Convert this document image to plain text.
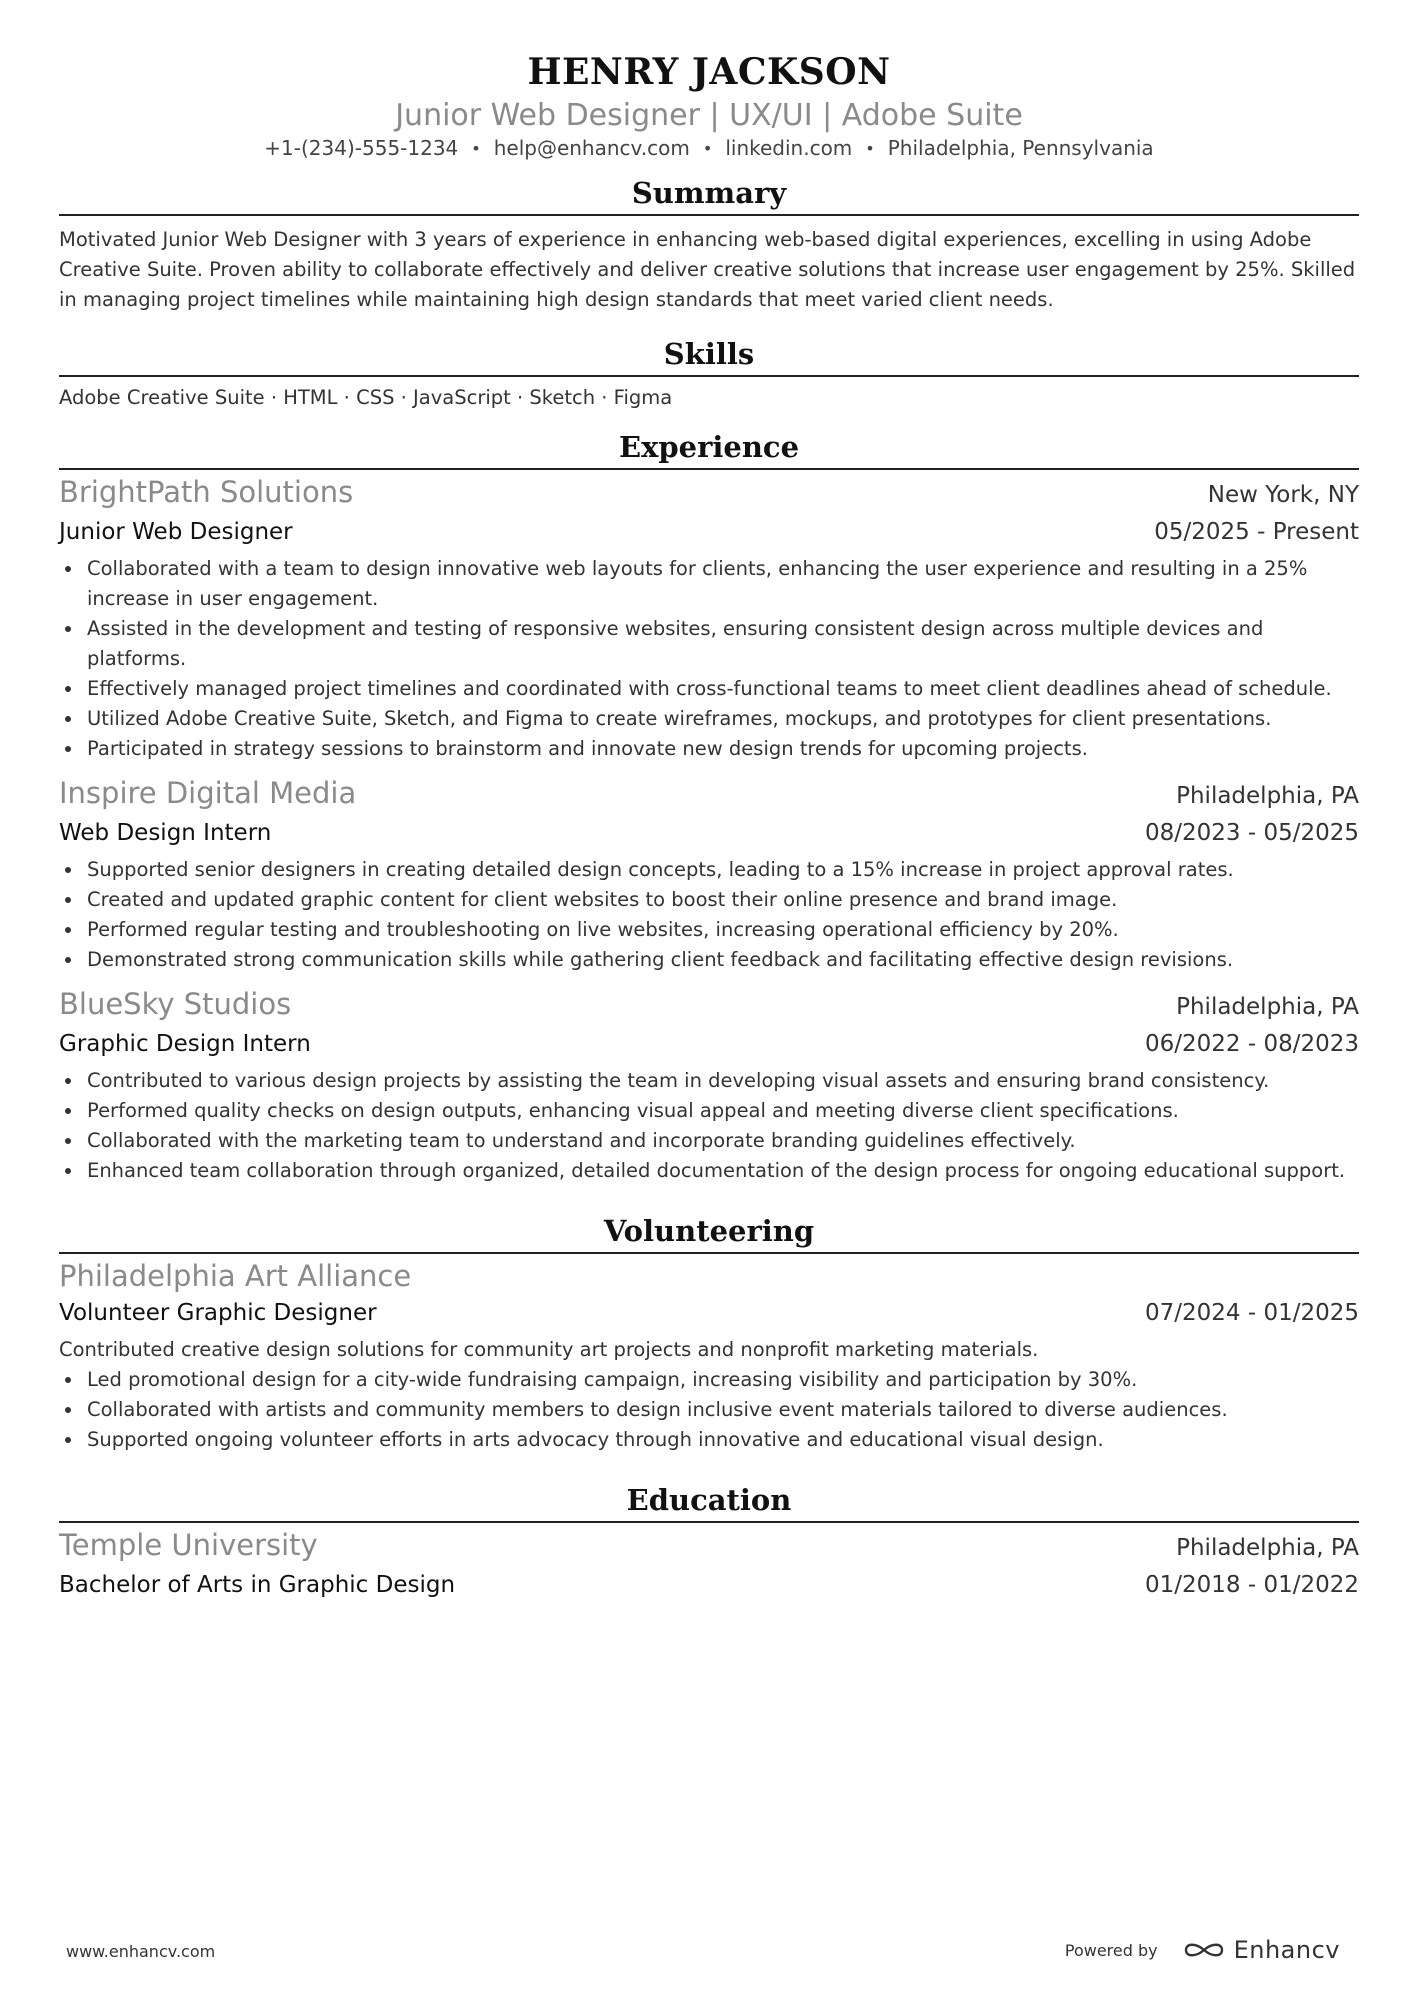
HENRY JACKSON
Junior Web Designer | UX/UI | Adobe Suite
+1-(234)-555-1234 • help@enhancv.com • linkedin.com • Philadelphia, Pennsylvania
Summary
Motivated Junior Web Designer with 3 years of experience in enhancing web-based digital experiences, excelling in using Adobe Creative Suite. Proven ability to collaborate effectively and deliver creative solutions that increase user engagement by 25%. Skilled in managing project timelines while maintaining high design standards that meet varied client needs.
Skills
Adobe Creative Suite · HTML · CSS · JavaScript · Sketch · Figma
Experience
BrightPath Solutions	New York, NY
Junior Web Designer	05/2025 - Present
Collaborated with a team to design innovative web layouts for clients, enhancing the user experience and resulting in a 25% increase in user engagement.
Assisted in the development and testing of responsive websites, ensuring consistent design across multiple devices and platforms.
Effectively managed project timelines and coordinated with cross-functional teams to meet client deadlines ahead of schedule.
Utilized Adobe Creative Suite, Sketch, and Figma to create wireframes, mockups, and prototypes for client presentations.
Participated in strategy sessions to brainstorm and innovate new design trends for upcoming projects.
Inspire Digital Media	Philadelphia, PA
Web Design Intern	08/2023 - 05/2025
Supported senior designers in creating detailed design concepts, leading to a 15% increase in project approval rates.
Created and updated graphic content for client websites to boost their online presence and brand image.
Performed regular testing and troubleshooting on live websites, increasing operational efficiency by 20%.
Demonstrated strong communication skills while gathering client feedback and facilitating effective design revisions.
BlueSky Studios	Philadelphia, PA
Graphic Design Intern	06/2022 - 08/2023
Contributed to various design projects by assisting the team in developing visual assets and ensuring brand consistency.
Performed quality checks on design outputs, enhancing visual appeal and meeting diverse client specifications.
Collaborated with the marketing team to understand and incorporate branding guidelines effectively.
Enhanced team collaboration through organized, detailed documentation of the design process for ongoing educational support.
Volunteering
Philadelphia Art Alliance
Volunteer Graphic Designer	07/2024 - 01/2025
Contributed creative design solutions for community art projects and nonprofit marketing materials.
Led promotional design for a city-wide fundraising campaign, increasing visibility and participation by 30%.
Collaborated with artists and community members to design inclusive event materials tailored to diverse audiences.
Supported ongoing volunteer efforts in arts advocacy through innovative and educational visual design.
Education
Temple University	Philadelphia, PA
Bachelor of Arts in Graphic Design	01/2018 - 01/2022
www.enhancv.com	Powered by	Enhancv
